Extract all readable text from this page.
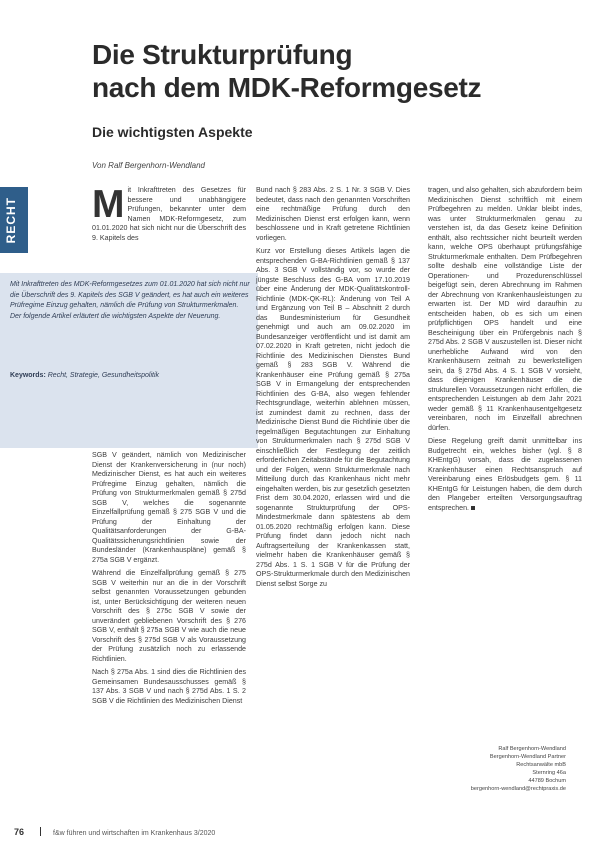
Die Strukturprüfung
nach dem MDK-Reformgesetz
Die wichtigsten Aspekte
Von Ralf Bergenhorn-Wendland
RECHT
Mit Inkrafttreten des MDK-Reformgesetzes zum 01.01.2020 hat sich nicht nur die Überschrift des 9. Kapitels des SGB V geändert, es hat auch ein weiteres Prüfregime Einzug gehalten, nämlich die Prüfung von Strukturmerkmalen. Der folgende Artikel erläutert die wichtigsten Aspekte der Neuerung.
Keywords: Recht, Strategie, Gesundheitspolitik
M it Inkrafttreten des Gesetzes für bessere und unabhängigere Prüfungen, bekannter unter dem Namen MDK-Reformgesetz, zum 01.01.2020 hat sich nicht nur die Überschrift des 9. Kapitels des

SGB V geändert, nämlich von Medizinischer Dienst der Krankenversicherung in (nur noch) Medizinischer Dienst, es hat auch ein weiteres Prüfregime Einzug gehalten, nämlich die Prüfung von Strukturmerkmalen gemäß § 275d SGB V, welches die sogenannte Einzelfallprüfung gemäß § 275 SGB V und die Prüfung der Einhaltung der Qualitätsanforderungen der G-BA-Qualitätssicherungsrichtlinien sowie der Bundesländer (Krankenhauspläne) gemäß § 275a SGB V ergänzt.

Während die Einzelfallprüfung gemäß § 275 SGB V weiterhin nur an die in der Vorschrift selbst genannten Voraussetzungen gebunden ist, unter Berücksichtigung der weiteren neuen Vorschrift des § 275c SGB V sowie der unverändert gebliebenen Vorschrift des § 276 SGB V, enthält § 275a SGB V wie auch die neue Vorschrift des § 275d SGB V als Voraussetzung der Prüfung zusätzlich noch zu erlassende Richtlinien.

Nach § 275a Abs. 1 sind dies die Richtlinien des Gemeinsamen Bundesausschusses gemäß § 137 Abs. 3 SGB V und nach § 275d Abs. 1 S. 2 SGB V die Richtlinien des Medizinischen Dienst

Bund nach § 283 Abs. 2 S. 1 Nr. 3 SGB V. Dies bedeutet, dass nach den genannten Vorschriften eine rechtmäßige Prüfung durch den Medizinischen Dienst erst erfolgen kann, wenn beschlossene und in Kraft getretene Richtlinien vorliegen.

Kurz vor Erstellung dieses Artikels lagen die entsprechenden G-BA-Richtlinien gemäß § 137 Abs. 3 SGB V vollständig vor, so wurde der jüngste Beschluss des G-BA vom 17.10.2019 über eine Änderung der MDK-Qualitätskontroll-Richtlinie (MDK-QK-RL): Änderung von Teil A und Ergänzung von Teil B – Abschnitt 2 durch das Bundesministerium für Gesundheit genehmigt und auch am 09.02.2020 im Bundesanzeiger veröffentlicht und ist damit am 07.02.2020 in Kraft getreten, nicht jedoch die Richtlinie des Medizinischen Dienstes Bund gemäß § 283 SGB V. Während die Krankenhäuser eine Prüfung gemäß § 275a SGB V in Ermangelung der entsprechenden Richtlinien des G-BA, also wegen fehlender Rechtsgrundlage, weiterhin ablehnen müssen, ist zumindest damit zu rechnen, dass der Medizinische Dienst Bund die Richtlinie über die regelmäßigen Begutachtungen zur Einhaltung von Strukturmerkmalen nach § 275d SGB V einschließlich der Festlegung der zeitlich erforderlichen Zeitabstände für die Begutachtung und der Folgen, wenn Strukturmerkmale nach Mitteilung durch das Krankenhaus nicht mehr eingehalten werden, bis zur gesetzlich gesetzten Frist dem 30.04.2020, erlassen wird und die sogenannte Strukturprüfung der OPS-Mindestmerkmale dann spätestens ab dem 01.05.2020 rechtmäßig erfolgen kann. Diese Prüfung findet dann jedoch nicht nach Auftragserteilung der Krankenkassen statt, vielmehr haben die Krankenhäuser gemäß § 275d Abs. 1 S. 1 SGB V für die Prüfung der OPS-Strukturmerkmale durch den Medizinischen Dienst selbst Sorge zu

tragen, und also gehalten, sich abzufordern beim Medizinischen Dienst schriftlich mit einem Prüfbegehren zu melden. Unklar bleibt indes, was unter Strukturmerkmalen genau zu verstehen ist, da das Gesetz keine Definition enthält, also rechtssicher nicht beurteilt werden kann, welche OPS überhaupt prüfungsfähige Strukturmerkmale enthalten. Dem Prüfbegehren sollte deshalb eine vollständige Liste der Operationen- und Prozedurenschlüssel beigefügt sein, deren Abrechnung im Rahmen der Abrechnung von Krankenhausleistungen zu erwarten ist. Der MD wird daraufhin zu entscheiden haben, ob es sich um einen prüfpflichtigen OPS handelt und eine Bescheinigung über ein Prüfergebnis nach § 275d Abs. 2 SGB V auszustellen ist. Dieser nicht unerhebliche Aufwand wird von den Krankenhäusern zeitnah zu bewerkstelligen sein, da § 275d Abs. 4 S. 1 SGB V vorsieht, dass diejenigen Krankenhäuser die die strukturellen Voraussetzungen nicht erfüllen, die entsprechenden Leistungen ab dem Jahr 2021 weder gemäß § 11 Krankenhausentgeltgesetz vereinbaren, noch im Einzelfall abrechnen dürfen.

Diese Regelung greift damit unmittelbar ins Budgetrecht ein, welches bisher (vgl. § 8 KHEntgG) vorsah, dass die zugelassenen Krankenhäuser einen Rechtsanspruch auf Vereinbarung eines Erlösbudgets gem. § 11 KHEntgG für Leistungen haben, die dem durch den Plangeber erteilten Versorgungsauftrag entsprechen.

Ralf Bergenhorn-Wendland
Bergenhorn-Wendland Partner
Rechtsanwälte mbB
Sternring 46a
44789 Bochum
bergenhorn-wendland@rechtpraxis.de
76	f&w führen und wirtschaften im Krankenhaus 3/2020
